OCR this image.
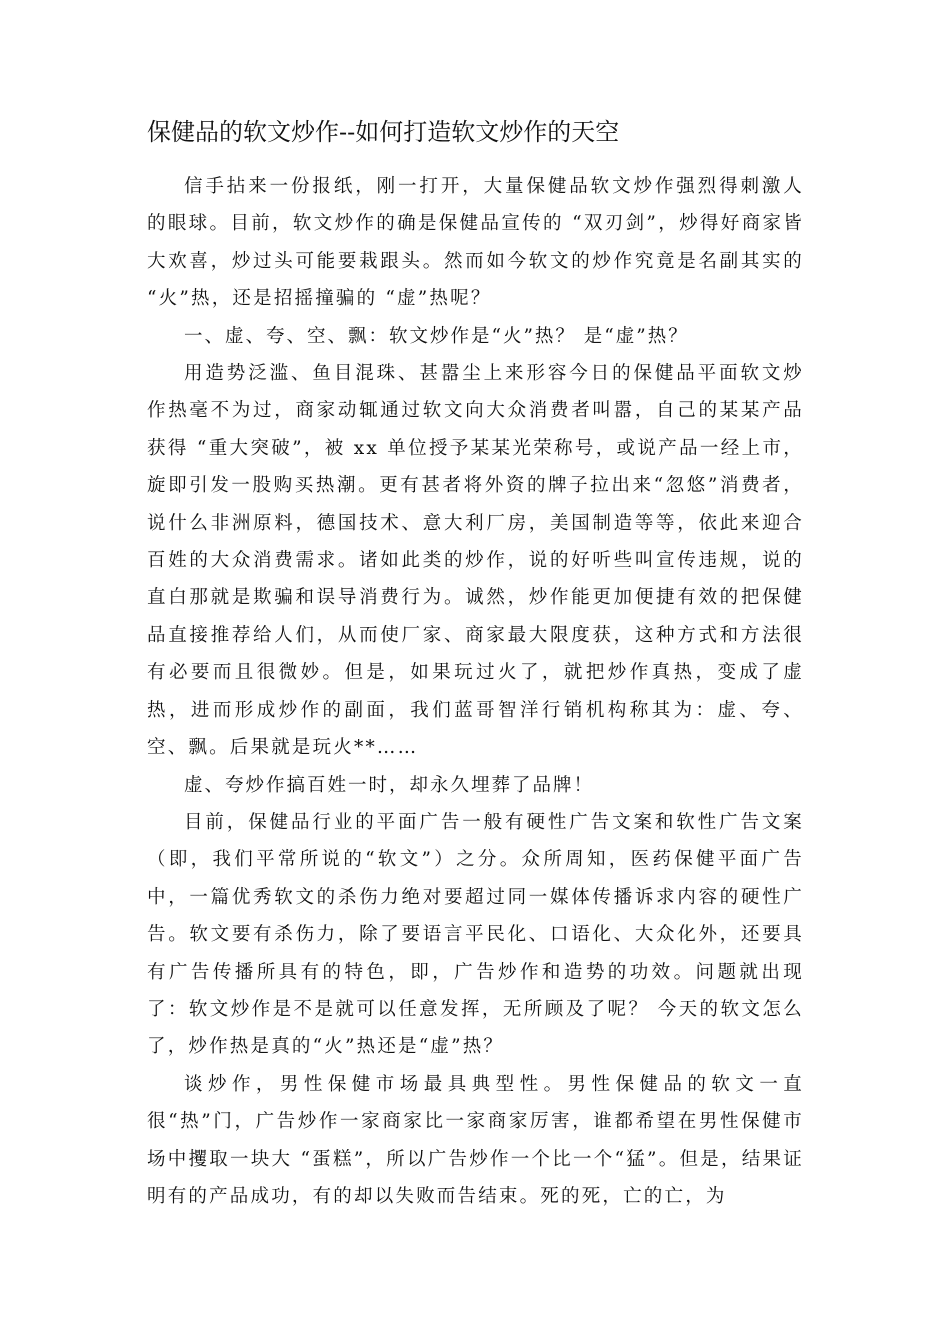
保健品的软文炒作--如何打造软文炒作的天空

信手拈来一份报纸，刚一打开，大量保健品软文炒作强烈得刺激人的眼球。目前，软文炒作的确是保健品宣传的 “双刃剑”，炒得好商家皆大欢喜，炒过头可能要栽跟头。然而如今软文的炒作究竟是名副其实的 “火”热，还是招摇撞骗的 “虚”热呢？

一、虚、夸、空、飘：软文炒作是“火”热？ 是“虚”热？

用造势泛滥、鱼目混珠、甚嚣尘上来形容今日的保健品平面软文炒作热毫不为过，商家动辄通过软文向大众消费者叫嚣，自己的某某产品获得 “重大突破”，被 xx 单位授予某某光荣称号，或说产品一经上市，旋即引发一股购买热潮。更有甚者将外资的牌子拉出来“忽悠”消费者，说什么非洲原料，德国技术、意大利厂房，美国制造等等，依此来迎合百姓的大众消费需求。诸如此类的炒作，说的好听些叫宣传违规，说的直白那就是欺骗和误导消费行为。诚然，炒作能更加便捷有效的把保健品直接推荐给人们，从而使厂家、商家最大限度获，这种方式和方法很有必要而且很微妙。但是，如果玩过火了，就把炒作真热，变成了虚热，进而形成炒作的副面，我们蓝哥智洋行销机构称其为：虚、夸、空、飘。后果就是玩火**……

虚、夸炒作搞百姓一时，却永久埋葬了品牌！

目前，保健品行业的平面广告一般有硬性广告文案和软性广告文案（即，我们平常所说的“软文”）之分。众所周知，医药保健平面广告中，一篇优秀软文的杀伤力绝对要超过同一媒体传播诉求内容的硬性广告。软文要有杀伤力，除了要语言平民化、口语化、大众化外，还要具有广告传播所具有的特色，即，广告炒作和造势的功效。问题就出现了：软文炒作是不是就可以任意发挥，无所顾及了呢？ 今天的软文怎么了，炒作热是真的“火”热还是“虚”热？

谈炒作，男性保健市场最具典型性。男性保健品的软文一直很“热”门，广告炒作一家商家比一家商家厉害，谁都希望在男性保健市场中攫取一块大 “蛋糕”，所以广告炒作一个比一个“猛”。但是，结果证明有的产品成功，有的却以失败而告结束。死的死，亡的亡，为
